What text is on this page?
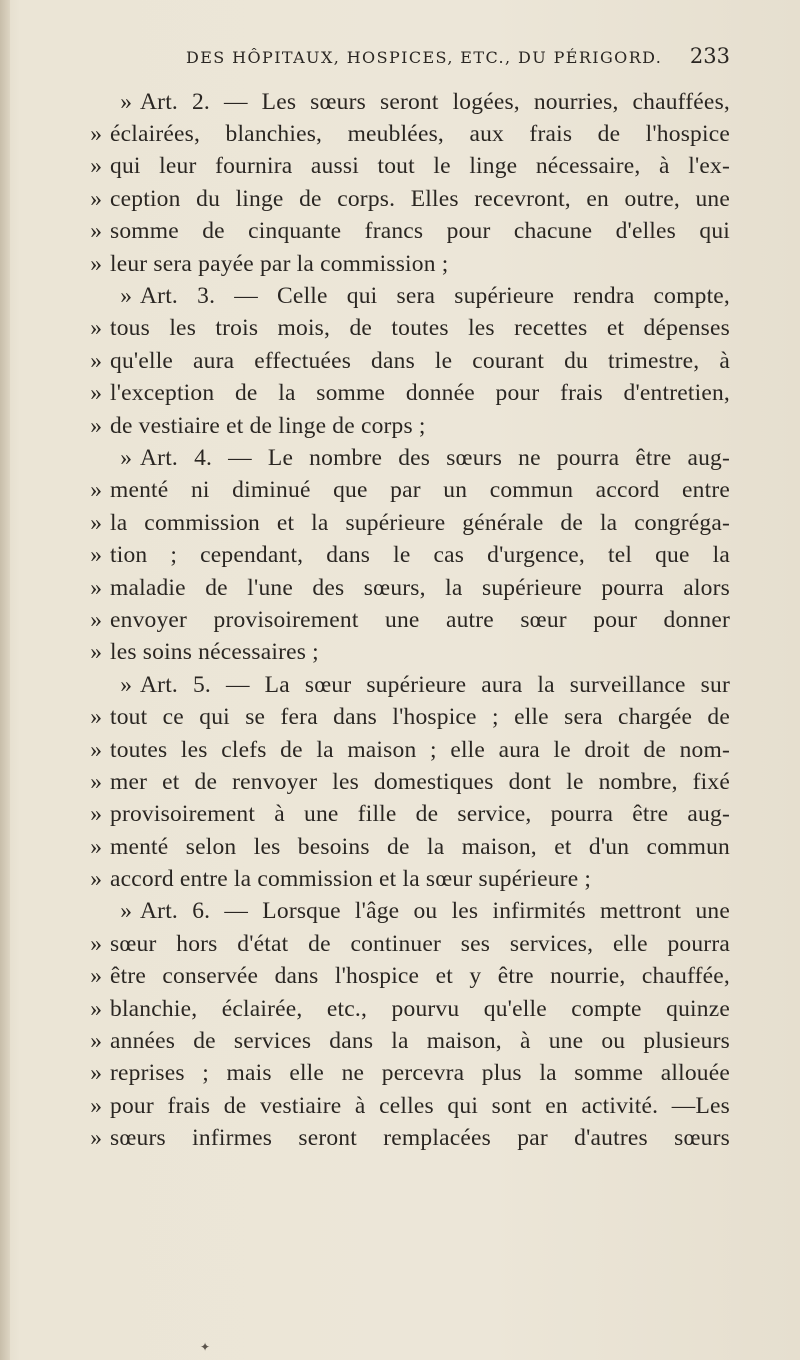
DES HÔPITAUX, HOSPICES, ETC., DU PÉRIGORD. 233
» Art. 2. — Les sœurs seront logées, nourries, chauffées,
» éclairées, blanchies, meublées, aux frais de l'hospice
» qui leur fournira aussi tout le linge nécessaire, à l'ex-
» ception du linge de corps. Elles recevront, en outre, une
» somme de cinquante francs pour chacune d'elles qui
» leur sera payée par la commission ;
» Art. 3. — Celle qui sera supérieure rendra compte,
» tous les trois mois, de toutes les recettes et dépenses
» qu'elle aura effectuées dans le courant du trimestre, à
» l'exception de la somme donnée pour frais d'entretien,
» de vestiaire et de linge de corps ;
» Art. 4. — Le nombre des sœurs ne pourra être aug-
» menté ni diminué que par un commun accord entre
» la commission et la supérieure générale de la congréga-
» tion ; cependant, dans le cas d'urgence, tel que la
» maladie de l'une des sœurs, la supérieure pourra alors
» envoyer provisoirement une autre sœur pour donner
» les soins nécessaires ;
» Art. 5. — La sœur supérieure aura la surveillance sur
» tout ce qui se fera dans l'hospice ; elle sera chargée de
» toutes les clefs de la maison ; elle aura le droit de nom-
» mer et de renvoyer les domestiques dont le nombre, fixé
» provisoirement à une fille de service, pourra être aug-
» menté selon les besoins de la maison, et d'un commun
» accord entre la commission et la sœur supérieure ;
» Art. 6. — Lorsque l'âge ou les infirmités mettront une
» sœur hors d'état de continuer ses services, elle pourra
» être conservée dans l'hospice et y être nourrie, chauffée,
» blanchie, éclairée, etc., pourvu qu'elle compte quinze
» années de services dans la maison, à une ou plusieurs
» reprises ; mais elle ne percevra plus la somme allouée
» pour frais de vestiaire à celles qui sont en activité. —Les
» sœurs infirmes seront remplacées par d'autres sœurs
✦
